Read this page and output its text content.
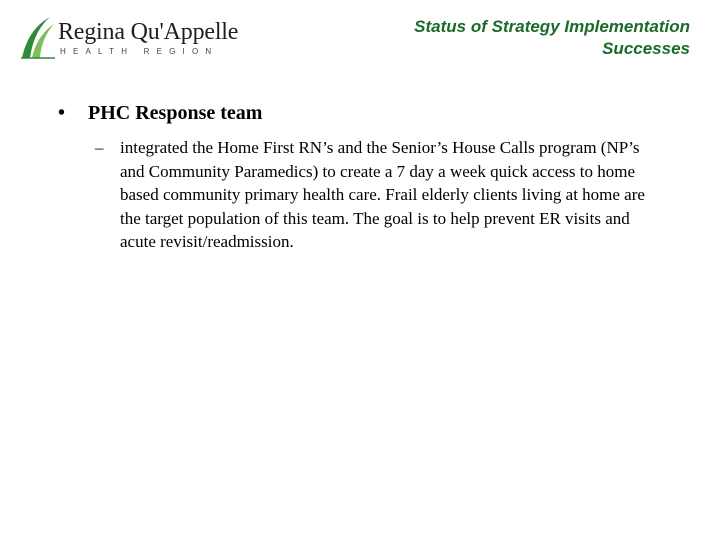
Regina Qu'Appelle
HEALTH REGION
Status of Strategy Implementation
Successes
• PHC Response team
– integrated the Home First RN’s and the Senior’s House Calls program (NP’s and Community Paramedics) to create a 7 day a week quick access to home based community primary health care. Frail elderly clients living at home are the target population of this team. The goal is to help prevent ER visits and acute revisit/readmission.
